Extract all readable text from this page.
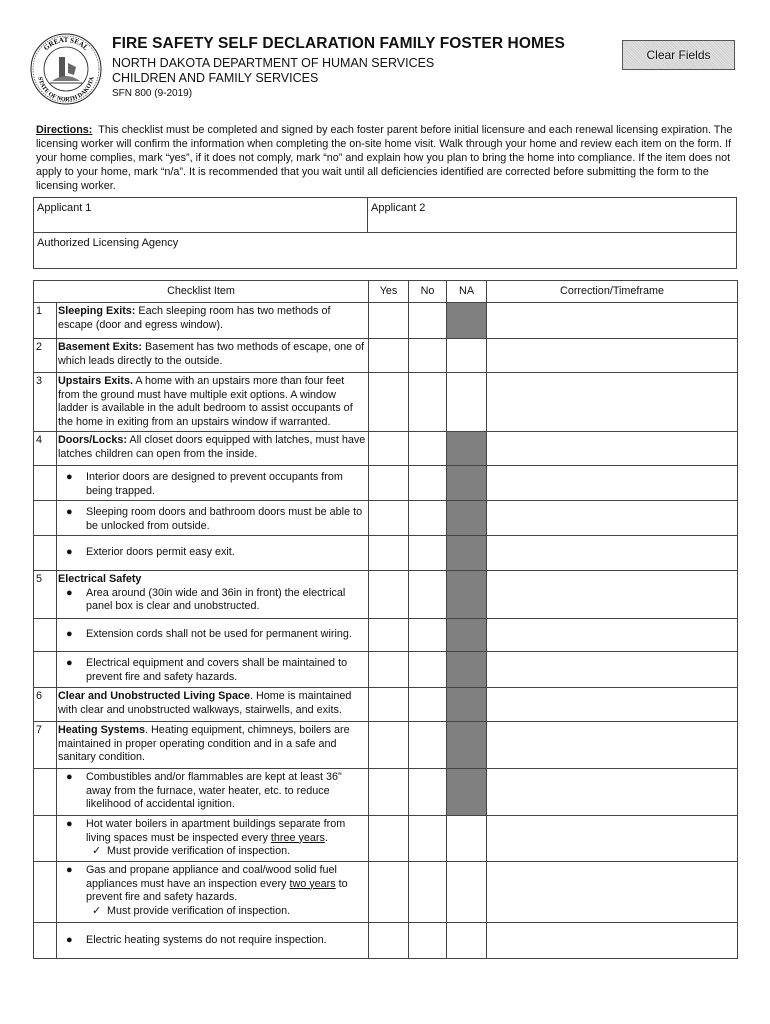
GREAT SEAL
STATE OF NORTH DAKOTA
FIRE SAFETY SELF DECLARATION FAMILY FOSTER HOMES
NORTH DAKOTA DEPARTMENT OF HUMAN SERVICES
CHILDREN AND FAMILY SERVICES
SFN 800 (9-2019)
Clear Fields
Directions: This checklist must be completed and signed by each foster parent before initial licensure and each renewal licensing expiration. The licensing worker will confirm the information when completing the on-site home visit. Walk through your home and review each item on the form. If your home complies, mark “yes”, if it does not comply, mark “no” and explain how you plan to bring the home into compliance. If the item does not apply to your home, mark “n/a”. It is recommended that you wait until all deficiencies identified are corrected before submitting the form to the licensing worker.
Applicant 1	Applicant 2
Authorized Licensing Agency
Checklist Item		Yes	No	NA	Correction/Timeframe
1	Sleeping Exits: Each sleeping room has two methods of escape (door and egress window).				
2	Basement Exits: Basement has two methods of escape, one of which leads directly to the outside.				
3	Upstairs Exits. A home with an upstairs more than four feet from the ground must have multiple exit options. A window ladder is available in the adult bedroom to assist occupants of the home in exiting from an upstairs window if warranted.				
4	Doors/Locks: All closet doors equipped with latches, must have latches children can open from the inside.				

	● Interior doors are designed to prevent occupants from being trapped.				

	● Sleeping room doors and bathroom doors must be able to be unlocked from outside.				

	● Exterior doors permit easy exit.				

5	Electrical Safety
● Area around (30in wide and 36in in front) the electrical panel box is clear and unobstructed.				

	● Extension cords shall not be used for permanent wiring.				

	● Electrical equipment and covers shall be maintained to prevent fire and safety hazards.				

6	Clear and Unobstructed Living Space. Home is maintained with clear and unobstructed walkways, stairwells, and exits.				
7	Heating Systems. Heating equipment, chimneys, boilers are maintained in proper operating condition and in a safe and sanitary condition.				

	● Combustibles and/or flammables are kept at least 36" away from the furnace, water heater, etc. to reduce likelihood of accidental ignition.				

	● Hot water boilers in apartment buildings separate from living spaces must be inspected every three years.
✓ Must provide verification of inspection.				

	● Gas and propane appliance and coal/wood solid fuel appliances must have an inspection every two years to prevent fire and safety hazards.
✓ Must provide verification of inspection.				

	● Electric heating systems do not require inspection.				
